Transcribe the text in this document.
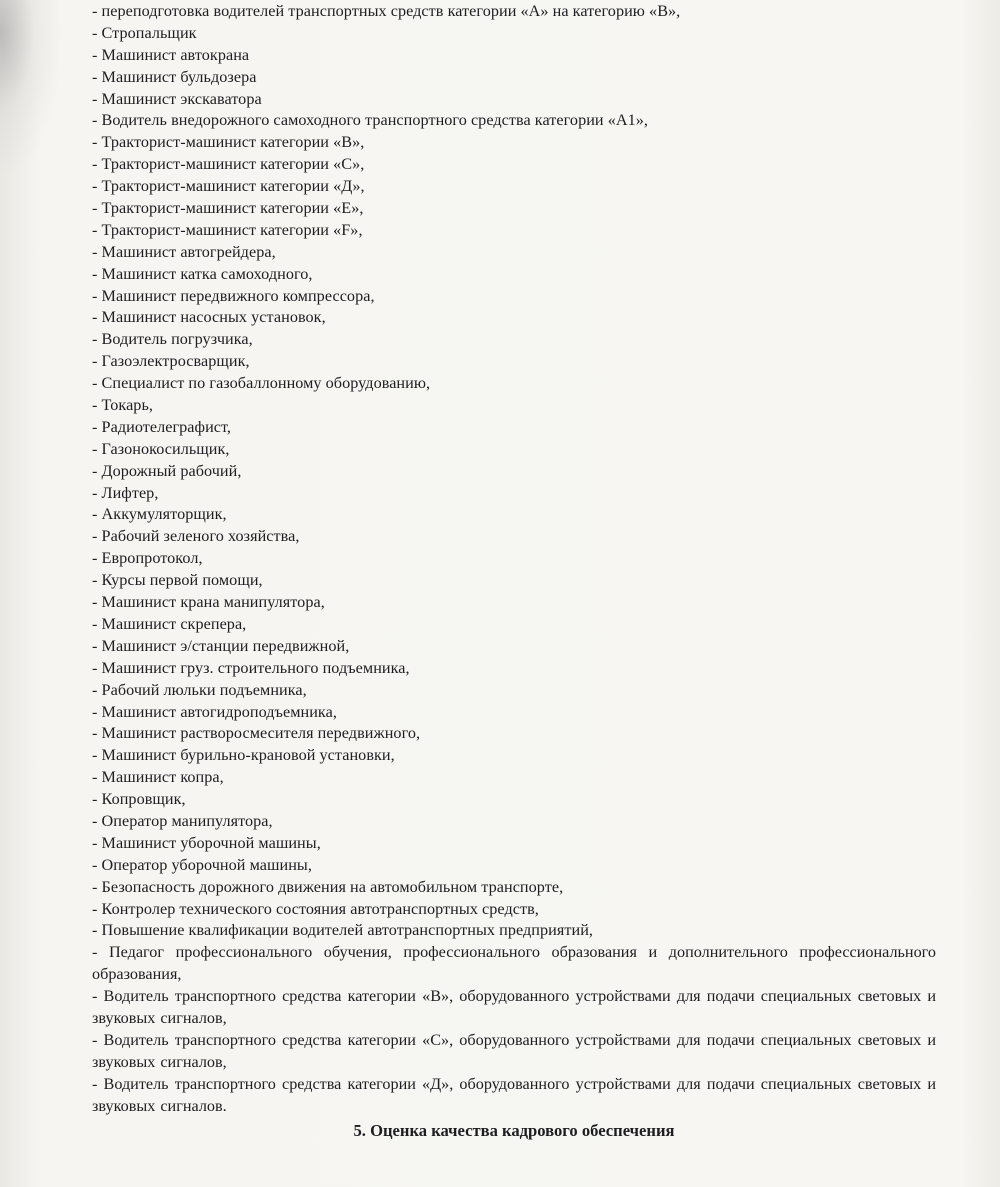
- переподготовка водителей транспортных средств категории «А» на категорию «В»,
- Стропальщик
- Машинист автокрана
- Машинист бульдозера
- Машинист экскаватора
- Водитель внедорожного самоходного транспортного средства категории «А1»,
- Тракторист-машинист категории «В»,
- Тракторист-машинист категории «С»,
- Тракторист-машинист категории «Д»,
- Тракторист-машинист категории «Е»,
- Тракторист-машинист категории «F»,
- Машинист автогрейдера,
- Машинист катка самоходного,
- Машинист передвижного компрессора,
- Машинист насосных установок,
- Водитель погрузчика,
- Газоэлектросварщик,
- Специалист по газобаллонному оборудованию,
- Токарь,
- Радиотелеграфист,
- Газонокосильщик,
- Дорожный рабочий,
- Лифтер,
- Аккумуляторщик,
- Рабочий зеленого хозяйства,
- Европротокол,
- Курсы первой помощи,
- Машинист крана манипулятора,
- Машинист скрепера,
- Машинист э/станции передвижной,
- Машинист груз. строительного подъемника,
- Рабочий люльки подъемника,
- Машинист автогидроподъемника,
- Машинист растворосмесителя передвижного,
- Машинист бурильно-крановой установки,
- Машинист копра,
- Копровщик,
- Оператор манипулятора,
- Машинист уборочной машины,
- Оператор уборочной машины,
- Безопасность дорожного движения на автомобильном транспорте,
- Контролер технического состояния автотранспортных средств,
- Повышение квалификации водителей автотранспортных предприятий,
- Педагог профессионального обучения, профессионального образования и дополнительного профессионального образования,
- Водитель транспортного средства категории «В», оборудованного устройствами для подачи специальных световых и звуковых сигналов,
- Водитель транспортного средства категории «С», оборудованного устройствами для подачи специальных световых и звуковых сигналов,
- Водитель транспортного средства категории «Д», оборудованного устройствами для подачи специальных световых и звуковых сигналов.
5. Оценка качества кадрового обеспечения
